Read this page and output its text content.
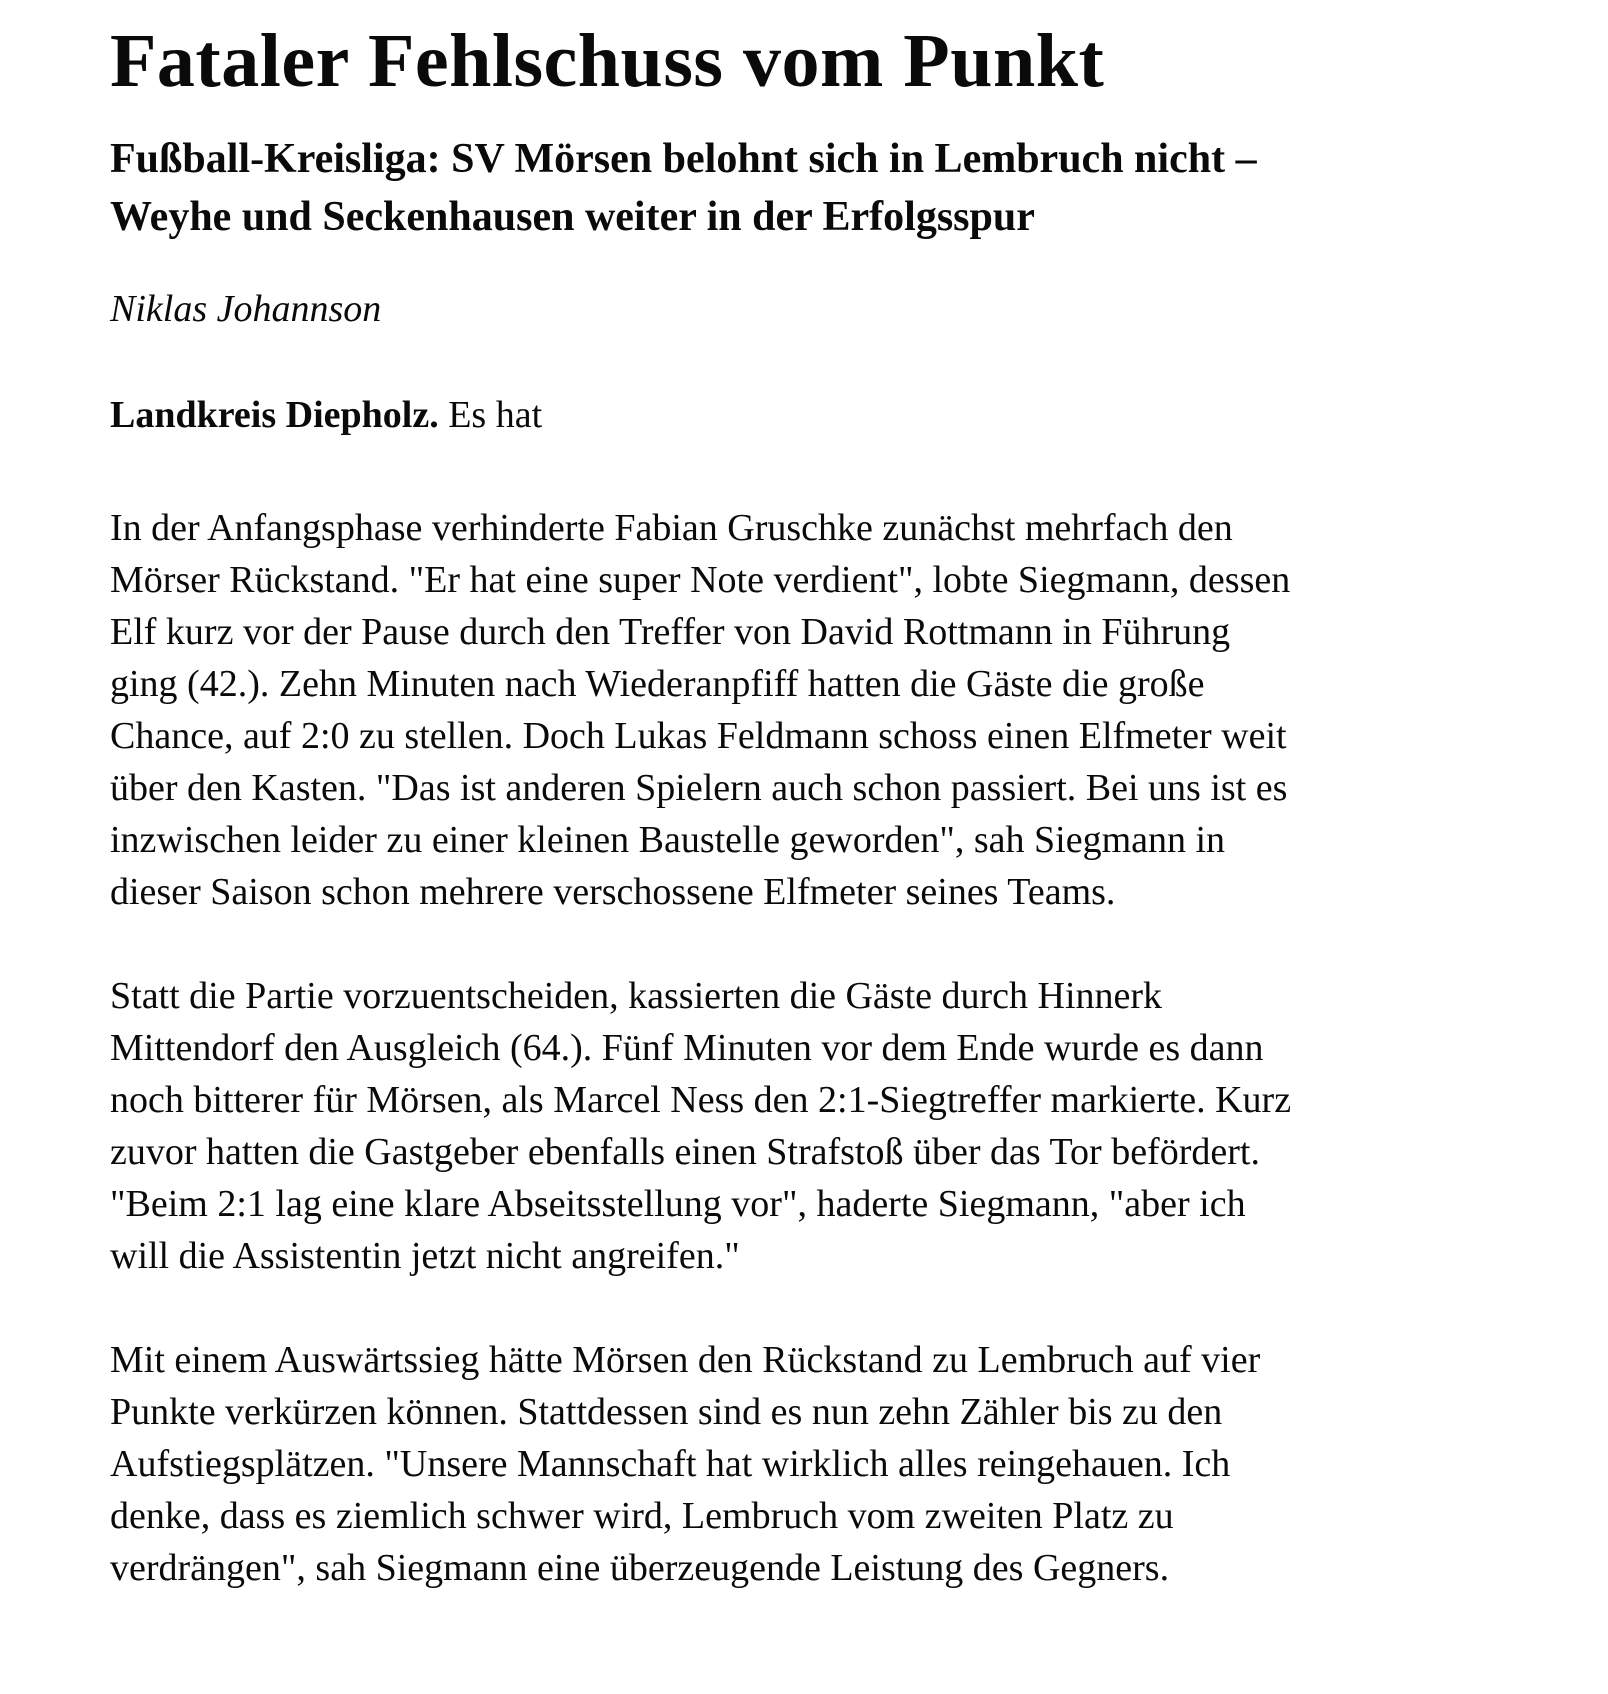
Fataler Fehlschuss vom Punkt
Fußball-Kreisliga: SV Mörsen belohnt sich in Lembruch nicht –
Weyhe und Seckenhausen weiter in der Erfolgsspur
Niklas Johannson
Landkreis Diepholz. Es hat
In der Anfangsphase verhinderte Fabian Gruschke zunächst mehrfach den
Mörser Rückstand. "Er hat eine super Note verdient", lobte Siegmann, dessen
Elf kurz vor der Pause durch den Treffer von David Rottmann in Führung
ging (42.). Zehn Minuten nach Wiederanpfiff hatten die Gäste die große
Chance, auf 2:0 zu stellen. Doch Lukas Feldmann schoss einen Elfmeter weit
über den Kasten. "Das ist anderen Spielern auch schon passiert. Bei uns ist es
inzwischen leider zu einer kleinen Baustelle geworden", sah Siegmann in
dieser Saison schon mehrere verschossene Elfmeter seines Teams.
Statt die Partie vorzuentscheiden, kassierten die Gäste durch Hinnerk
Mittendorf den Ausgleich (64.). Fünf Minuten vor dem Ende wurde es dann
noch bitterer für Mörsen, als Marcel Ness den 2:1-Siegtreffer markierte. Kurz
zuvor hatten die Gastgeber ebenfalls einen Strafstoß über das Tor befördert.
"Beim 2:1 lag eine klare Abseitsstellung vor", haderte Siegmann, "aber ich
will die Assistentin jetzt nicht angreifen."
Mit einem Auswärtssieg hätte Mörsen den Rückstand zu Lembruch auf vier
Punkte verkürzen können. Stattdessen sind es nun zehn Zähler bis zu den
Aufstiegsplätzen. "Unsere Mannschaft hat wirklich alles reingehauen. Ich
denke, dass es ziemlich schwer wird, Lembruch vom zweiten Platz zu
verdrängen", sah Siegmann eine überzeugende Leistung des Gegners.
